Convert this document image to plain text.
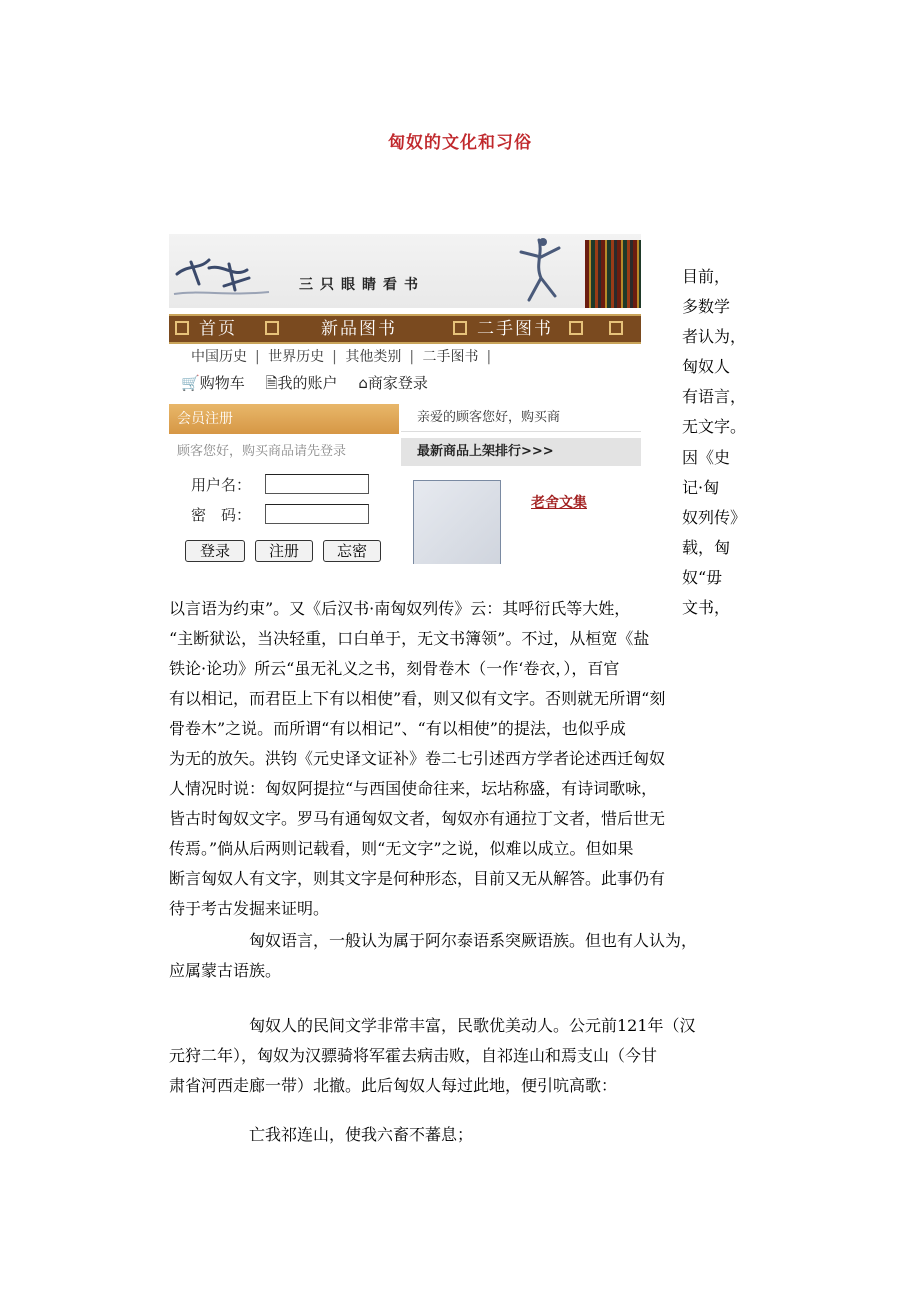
匈奴的文化和习俗
三只眼睛看书
首页	新品图书	二手图书
中国历史 | 世界历史 | 其他类别 | 二手图书 |
🛒购物车 🗎我的账户 ⌂商家登录
会员注册
顾客您好，购买商品请先登录
用户名：
密　码：
登录	注册	忘密
亲爱的顾客您好，购买商
最新商品上架排行>>>
老舍文集
目前，
多数学
者认为，
匈奴人
有语言，
无文字。
因《史
记·匈
奴列传》
载，匈
奴“毋
文书，
以言语为约束”。又《后汉书·南匈奴列传》云：其呼衍氏等大姓，
“主断狱讼，当决轻重，口白单于，无文书簿领”。不过，从桓宽《盐
铁论·论功》所云“虽无礼义之书，刻骨卷木（一作‘卷衣，），百官
有以相记，而君臣上下有以相使”看，则又似有文字。否则就无所谓“刻
骨卷木”之说。而所谓“有以相记”、“有以相使”的提法，也似乎成
为无的放矢。洪钧《元史译文证补》卷二七引述西方学者论述西迁匈奴
人情况时说：匈奴阿提拉“与西国使命往来，坛坫称盛，有诗词歌咏，
皆古时匈奴文字。罗马有通匈奴文者，匈奴亦有通拉丁文者，惜后世无
传焉。”倘从后两则记载看，则“无文字”之说，似难以成立。但如果
断言匈奴人有文字，则其文字是何种形态，目前又无从解答。此事仍有
待于考古发掘来证明。
匈奴语言，一般认为属于阿尔泰语系突厥语族。但也有人认为，
应属蒙古语族。
匈奴人的民间文学非常丰富，民歌优美动人。公元前121年（汉
元狩二年），匈奴为汉骠骑将军霍去病击败，自祁连山和焉支山（今甘
肃省河西走廊一带）北撤。此后匈奴人每过此地，便引吭高歌：
亡我祁连山，使我六畜不蕃息；
